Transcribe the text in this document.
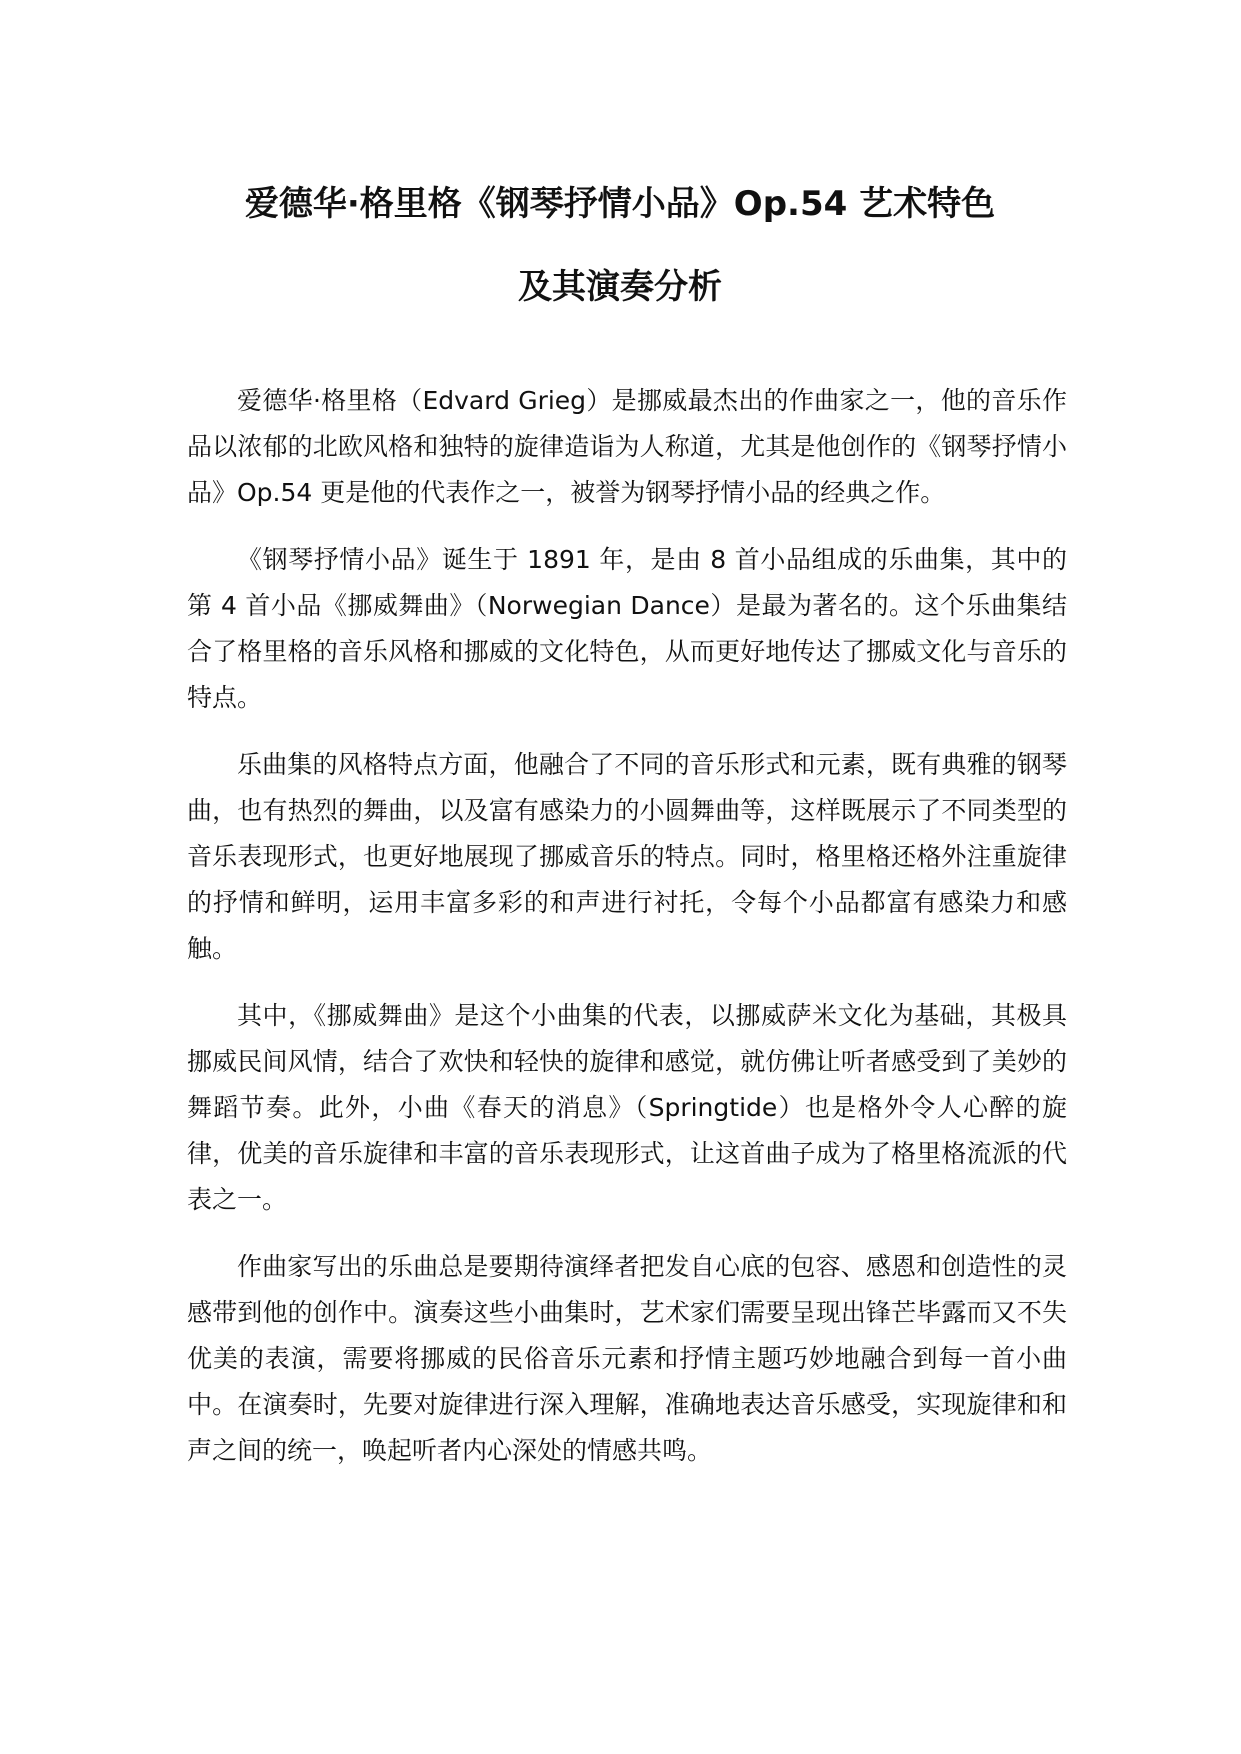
爱德华·格里格《钢琴抒情小品》Op.54 艺术特色
及其演奏分析

爱德华·格里格（Edvard Grieg）是挪威最杰出的作曲家之一，他的音乐作品以浓郁的北欧风格和独特的旋律造诣为人称道，尤其是他创作的《钢琴抒情小品》Op.54 更是他的代表作之一，被誉为钢琴抒情小品的经典之作。

《钢琴抒情小品》诞生于 1891 年，是由 8 首小品组成的乐曲集，其中的第 4 首小品《挪威舞曲》（Norwegian Dance）是最为著名的。这个乐曲集结合了格里格的音乐风格和挪威的文化特色，从而更好地传达了挪威文化与音乐的特点。

乐曲集的风格特点方面，他融合了不同的音乐形式和元素，既有典雅的钢琴曲，也有热烈的舞曲，以及富有感染力的小圆舞曲等，这样既展示了不同类型的音乐表现形式，也更好地展现了挪威音乐的特点。同时，格里格还格外注重旋律的抒情和鲜明，运用丰富多彩的和声进行衬托，令每个小品都富有感染力和感触。

其中，《挪威舞曲》是这个小曲集的代表，以挪威萨米文化为基础，其极具挪威民间风情，结合了欢快和轻快的旋律和感觉，就仿佛让听者感受到了美妙的舞蹈节奏。此外，小曲《春天的消息》（Springtide）也是格外令人心醉的旋律，优美的音乐旋律和丰富的音乐表现形式，让这首曲子成为了格里格流派的代表之一。

作曲家写出的乐曲总是要期待演绎者把发自心底的包容、感恩和创造性的灵感带到他的创作中。演奏这些小曲集时，艺术家们需要呈现出锋芒毕露而又不失优美的表演，需要将挪威的民俗音乐元素和抒情主题巧妙地融合到每一首小曲中。在演奏时，先要对旋律进行深入理解，准确地表达音乐感受，实现旋律和和声之间的统一，唤起听者内心深处的情感共鸣。
